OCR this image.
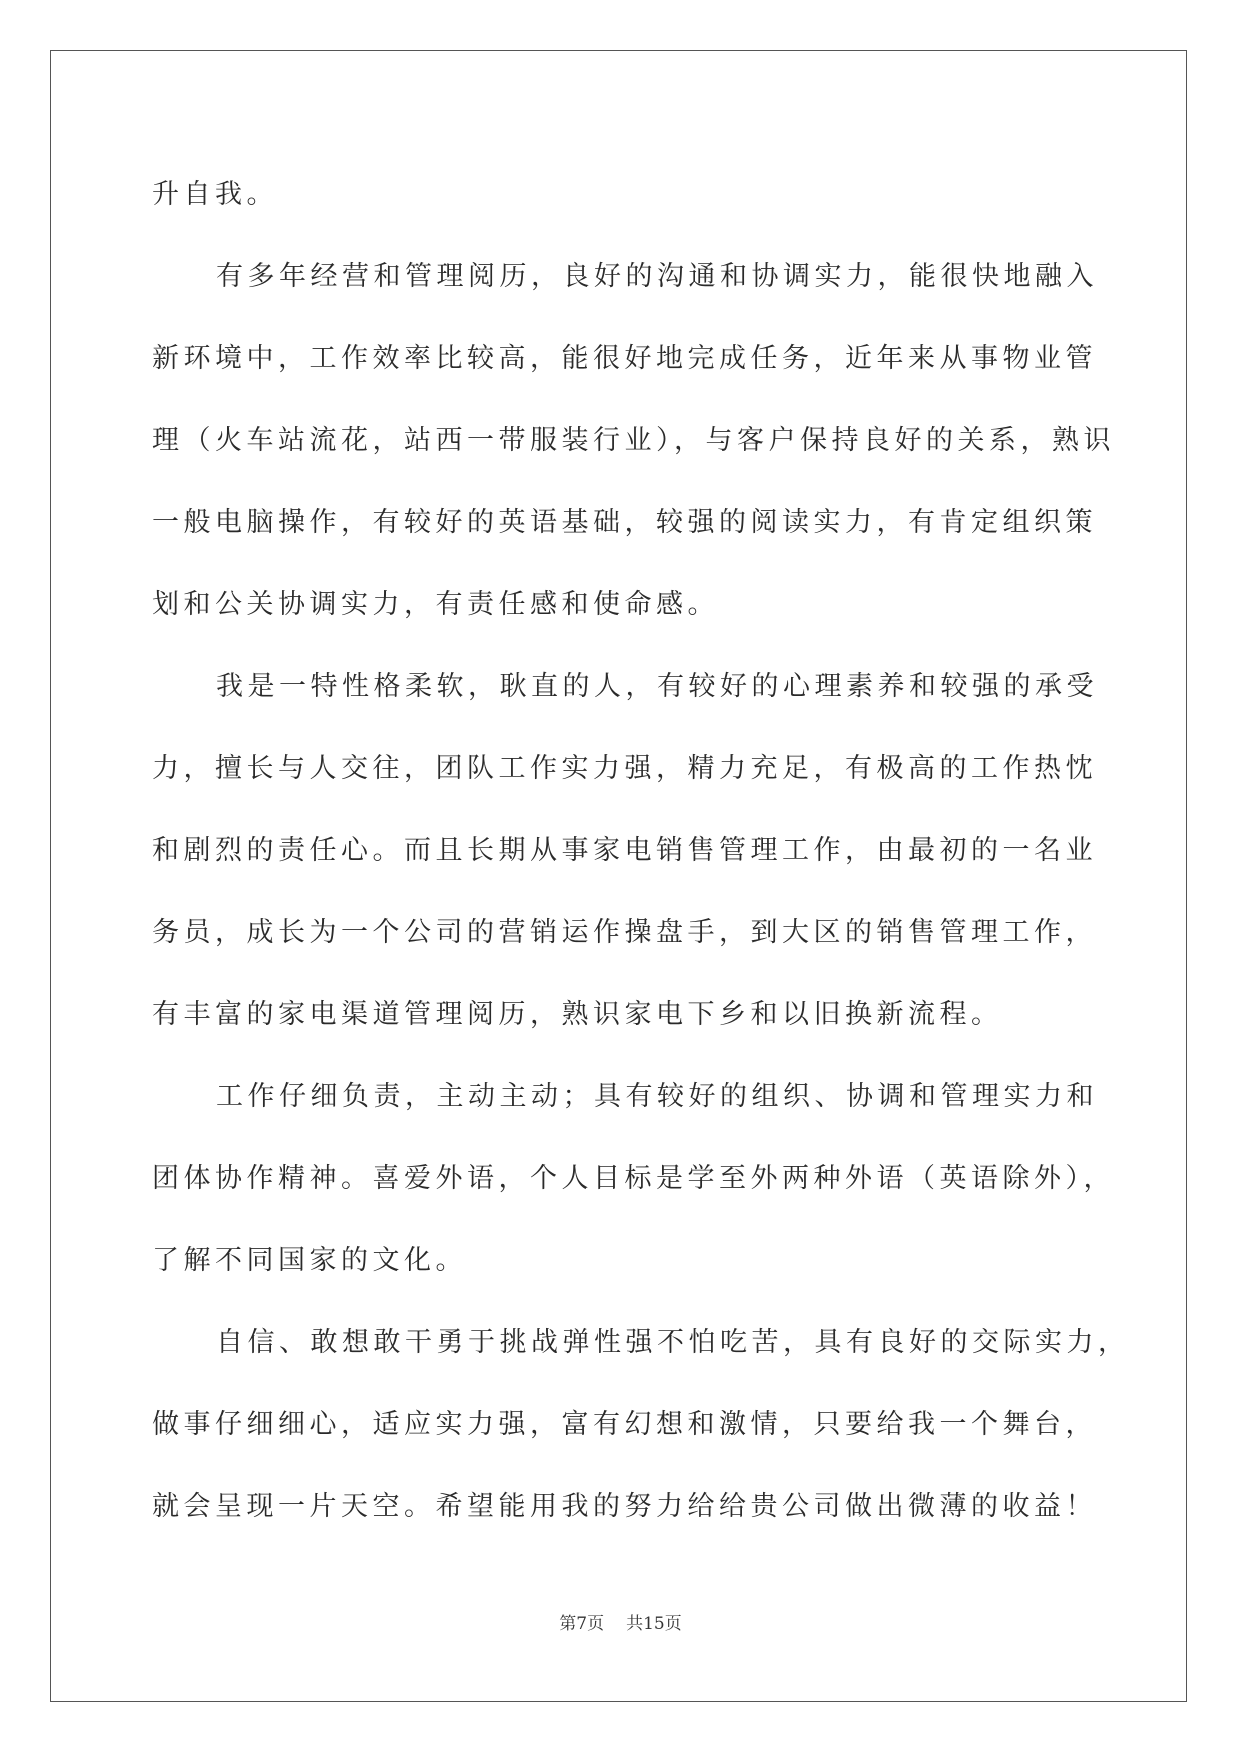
升自我。
有多年经营和管理阅历，良好的沟通和协调实力，能很快地融入
新环境中，工作效率比较高，能很好地完成任务，近年来从事物业管
理（火车站流花，站西一带服装行业），与客户保持良好的关系，熟识
一般电脑操作，有较好的英语基础，较强的阅读实力，有肯定组织策
划和公关协调实力，有责任感和使命感。
我是一特性格柔软，耿直的人，有较好的心理素养和较强的承受
力，擅长与人交往，团队工作实力强，精力充足，有极高的工作热忱
和剧烈的责任心。而且长期从事家电销售管理工作，由最初的一名业
务员，成长为一个公司的营销运作操盘手，到大区的销售管理工作，
有丰富的家电渠道管理阅历，熟识家电下乡和以旧换新流程。
工作仔细负责，主动主动；具有较好的组织、协调和管理实力和
团体协作精神。喜爱外语，个人目标是学至外两种外语（英语除外），
了解不同国家的文化。
自信、敢想敢干勇于挑战弹性强不怕吃苦，具有良好的交际实力，
做事仔细细心，适应实力强，富有幻想和激情，只要给我一个舞台，
就会呈现一片天空。希望能用我的努力给给贵公司做出微薄的收益！
第7页 共15页
